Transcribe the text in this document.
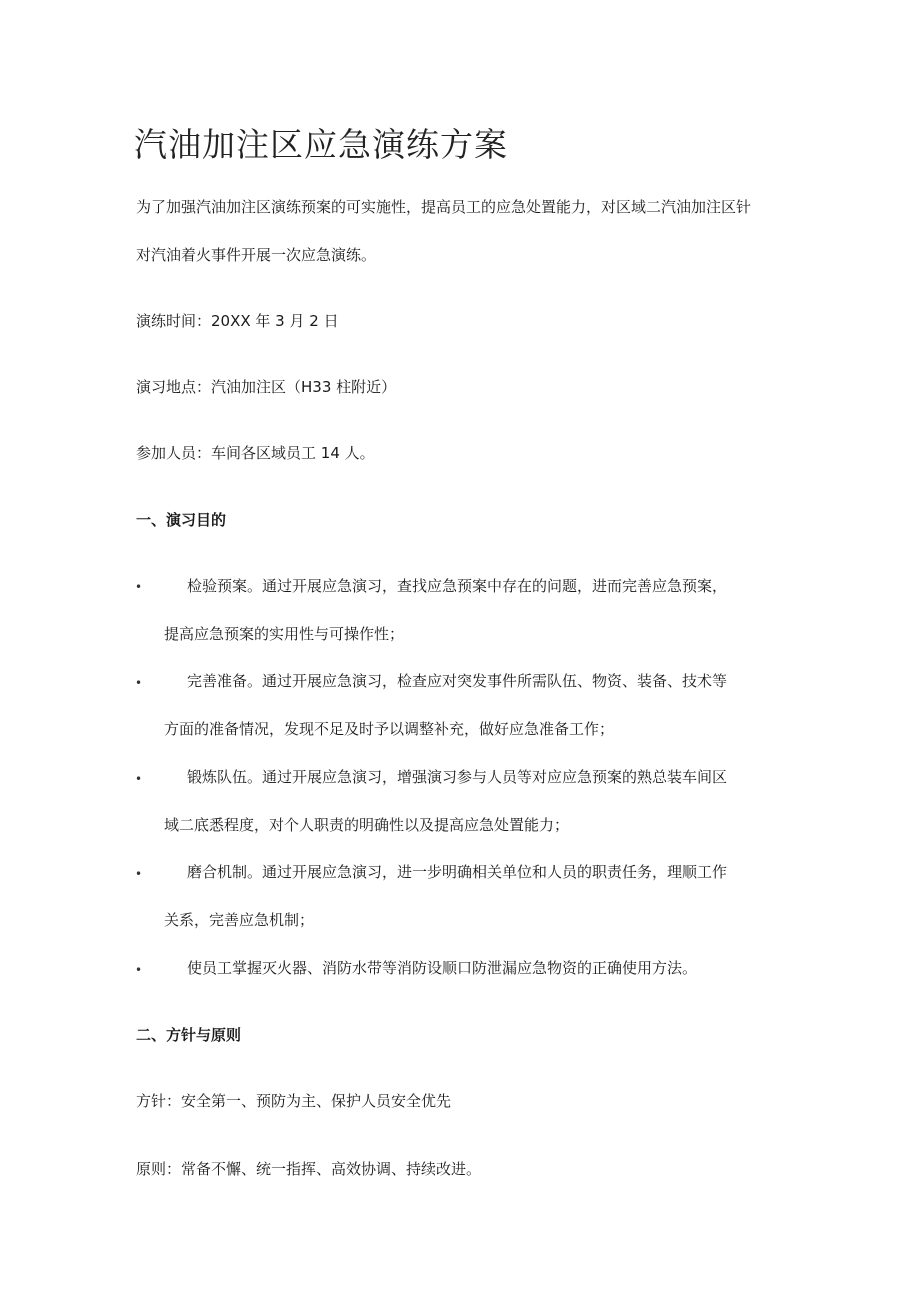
汽油加注区应急演练方案
为了加强汽油加注区演练预案的可实施性，提高员工的应急处置能力，对区域二汽油加注区针
对汽油着火事件开展一次应急演练。
演练时间：20XX 年 3 月 2 日
演习地点：汽油加注区（H33 柱附近）
参加人员：车间各区域员工 14 人。
一、演习目的
•	检验预案。通过开展应急演习，查找应急预案中存在的问题，进而完善应急预案，
提高应急预案的实用性与可操作性；
•	完善准备。通过开展应急演习，检查应对突发事件所需队伍、物资、装备、技术等
方面的准备情况，发现不足及时予以调整补充，做好应急准备工作；
•	锻炼队伍。通过开展应急演习，增强演习参与人员等对应应急预案的熟总装车间区
域二底悉程度，对个人职责的明确性以及提高应急处置能力；
•	磨合机制。通过开展应急演习，进一步明确相关单位和人员的职责任务，理顺工作
关系，完善应急机制；
•	使员工掌握灭火器、消防水带等消防设顺口防泄漏应急物资的正确使用方法。
二、方针与原则
方针：安全第一、预防为主、保护人员安全优先
原则：常备不懈、统一指挥、高效协调、持续改进。
